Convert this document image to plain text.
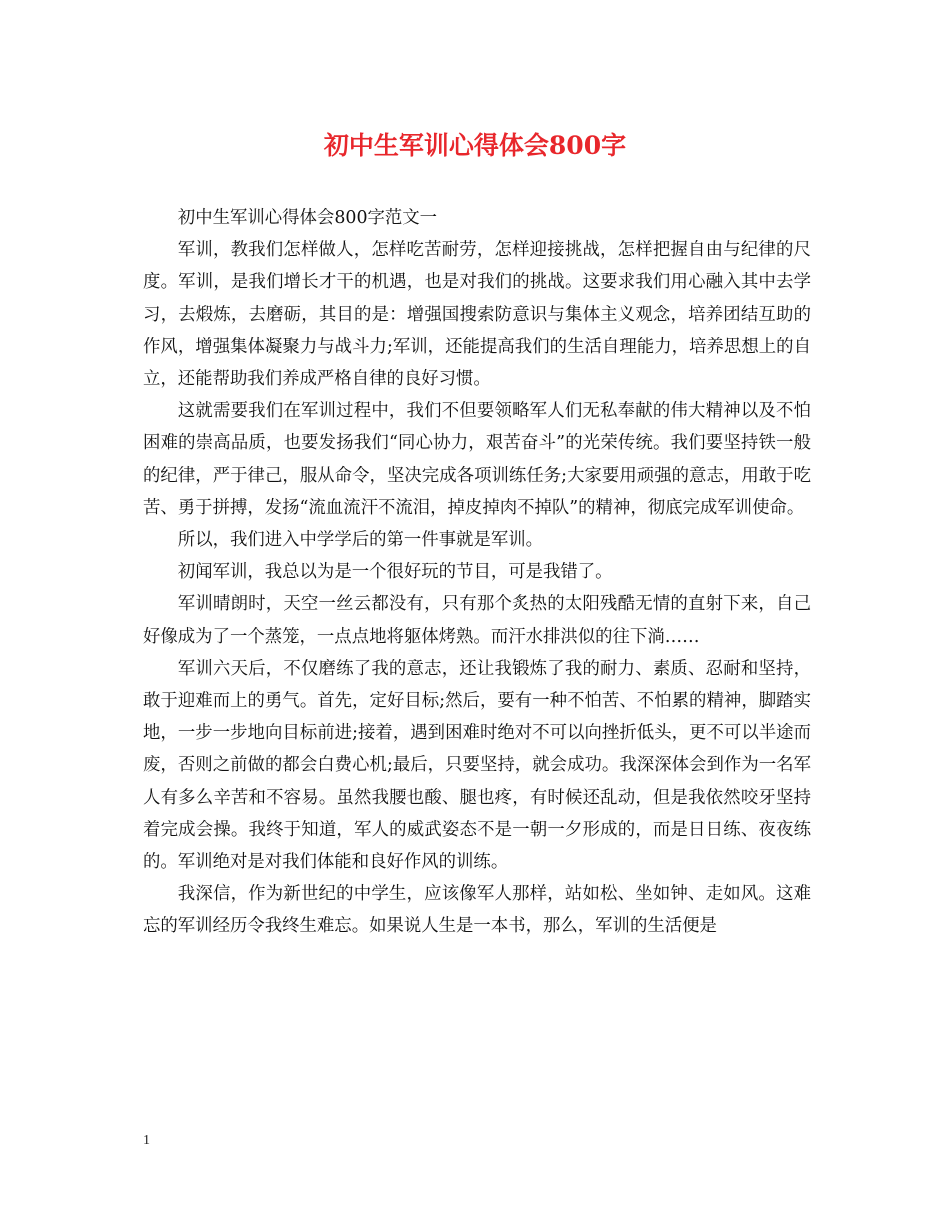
初中生军训心得体会800字

初中生军训心得体会800字范文一

军训，教我们怎样做人，怎样吃苦耐劳，怎样迎接挑战，怎样把握自由与纪律的尺度。军训，是我们增长才干的机遇，也是对我们的挑战。这要求我们用心融入其中去学习，去煅炼，去磨砺，其目的是：增强国搜索防意识与集体主义观念，培养团结互助的作风，增强集体凝聚力与战斗力;军训，还能提高我们的生活自理能力，培养思想上的自立，还能帮助我们养成严格自律的良好习惯。

这就需要我们在军训过程中，我们不但要领略军人们无私奉献的伟大精神以及不怕困难的崇高品质，也要发扬我们“同心协力，艰苦奋斗”的光荣传统。我们要坚持铁一般的纪律，严于律己，服从命令，坚决完成各项训练任务;大家要用顽强的意志，用敢于吃苦、勇于拼搏，发扬“流血流汗不流泪，掉皮掉肉不掉队”的精神，彻底完成军训使命。

所以，我们进入中学学后的第一件事就是军训。

初闻军训，我总以为是一个很好玩的节目，可是我错了。

军训晴朗时，天空一丝云都没有，只有那个炙热的太阳残酷无情的直射下来，自己好像成为了一个蒸笼，一点点地将躯体烤熟。而汗水排洪似的往下淌……

军训六天后，不仅磨练了我的意志，还让我锻炼了我的耐力、素质、忍耐和坚持，敢于迎难而上的勇气。首先，定好目标;然后，要有一种不怕苦、不怕累的精神，脚踏实地，一步一步地向目标前进;接着，遇到困难时绝对不可以向挫折低头，更不可以半途而废，否则之前做的都会白费心机;最后，只要坚持，就会成功。我深深体会到作为一名军人有多么辛苦和不容易。虽然我腰也酸、腿也疼，有时候还乱动，但是我依然咬牙坚持着完成会操。我终于知道，军人的威武姿态不是一朝一夕形成的，而是日日练、夜夜练的。军训绝对是对我们体能和良好作风的训练。

我深信，作为新世纪的中学生，应该像军人那样，站如松、坐如钟、走如风。这难忘的军训经历令我终生难忘。如果说人生是一本书，那么，军训的生活便是

1
